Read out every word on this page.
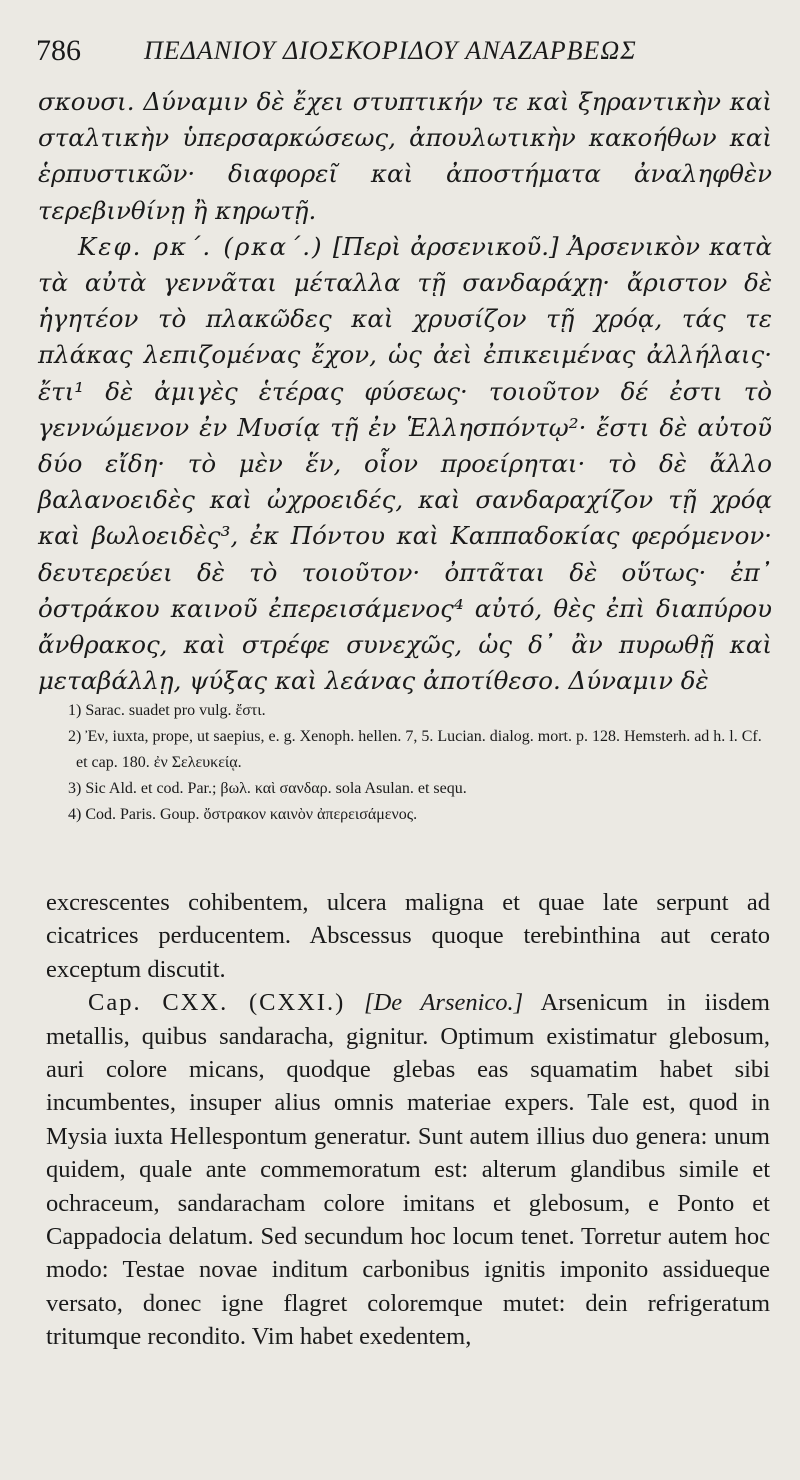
786 ΠΕΔΑΝΙΟΥ ΔΙΟΣΚΟΡΙΔΟΥ ΑΝΑΖΑΡΒΕΩΣ

σκουσι. Δύναμιν δὲ ἔχει στυπτικήν τε καὶ ξηραντικὴν καὶ σταλτικὴν ὑπερσαρκώσεως, ἀπουλωτικὴν κακοήθων καὶ ἑρπυστικῶν· διαφορεῖ καὶ ἀποστήματα ἀναληφθὲν τερεβινθίνῃ ἢ κηρωτῇ.

Κεφ. ρκ΄. (ρκα΄.) [Περὶ ἀρσενικοῦ.] Ἀρσενικὸν κατὰ τὰ αὐτὰ γεννᾶται μέταλλα τῇ σανδαράχῃ· ἄριστον δὲ ἡγητέον τὸ πλακῶδες καὶ χρυσίζον τῇ χρόᾳ, τάς τε πλάκας λεπιζομένας ἔχον, ὡς ἀεὶ ἐπικειμένας ἀλλήλαις· ἔτι¹ δὲ ἀμιγὲς ἑτέρας φύσεως· τοιοῦτον δέ ἐστι τὸ γεννώμενον ἐν Μυσίᾳ τῇ ἐν Ἑλλησπόντῳ²· ἔστι δὲ αὐτοῦ δύο εἴδη· τὸ μὲν ἕν, οἷον προείρηται· τὸ δὲ ἄλλο βαλανοειδὲς καὶ ὠχροειδές, καὶ σανδαραχίζον τῇ χρόᾳ καὶ βωλοειδὲς³, ἐκ Πόντου καὶ Καππαδοκίας φερόμενον· δευτερεύει δὲ τὸ τοιοῦτον· ὀπτᾶται δὲ οὕτως· ἐπ᾽ ὀστράκου καινοῦ ἐπερεισάμενος⁴ αὐτό, θὲς ἐπὶ διαπύρου ἄνθρακος, καὶ στρέφε συνεχῶς, ὡς δ᾽ ἂν πυρωθῇ καὶ μεταβάλλῃ, ψύξας καὶ λεάνας ἀποτίθεσο. Δύναμιν δὲ

1) Sarac. suadet pro vulg. ἔστι.

2) Ἐν, iuxta, prope, ut saepius, e. g. Xenoph. hellen. 7, 5. Lucian. dialog. mort. p. 128. Hemsterh. ad h. l. Cf. et cap. 180. ἐν Σελευκείᾳ.

3) Sic Ald. et cod. Par.; βωλ. καὶ σανδαρ. sola Asulan. et sequ.

4) Cod. Paris. Goup. ὄστρακον καινὸν ἀπερεισάμενος.

excrescentes cohibentem, ulcera maligna et quae late serpunt ad cicatrices perducentem. Abscessus quoque terebinthina aut cerato exceptum discutit.

Cap. CXX. (CXXI.) [De Arsenico.] Arsenicum in iisdem metallis, quibus sandaracha, gignitur. Optimum existimatur glebosum, auri colore micans, quodque glebas eas squamatim habet sibi incumbentes, insuper alius omnis materiae expers. Tale est, quod in Mysia iuxta Hellespontum generatur. Sunt autem illius duo genera: unum quidem, quale ante commemoratum est: alterum glandibus simile et ochraceum, sandaracham colore imitans et glebosum, e Ponto et Cappadocia delatum. Sed secundum hoc locum tenet. Torretur autem hoc modo: Testae novae inditum carbonibus ignitis imponito assidueque versato, donec igne flagret coloremque mutet: dein refrigeratum tritumque recondito. Vim habet exedentem,
